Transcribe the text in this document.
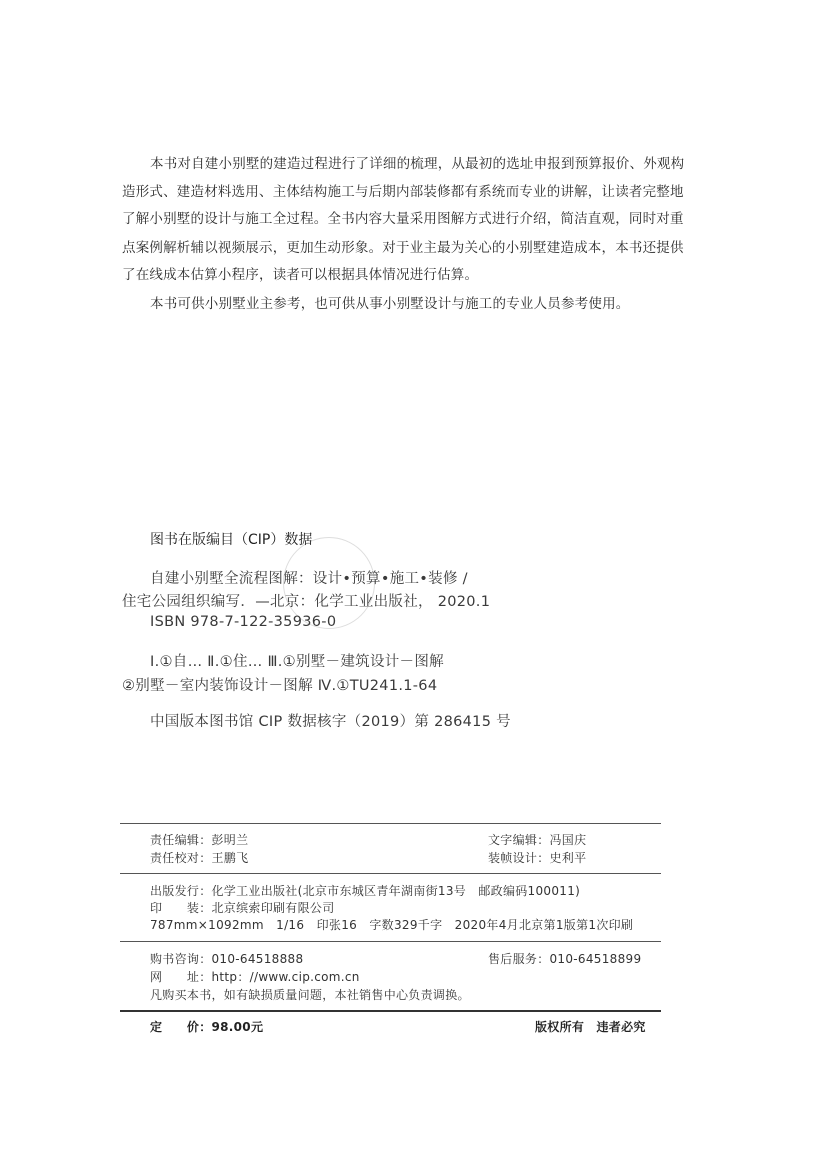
本书对自建小别墅的建造过程进行了详细的梳理，从最初的选址申报到预算报价、外观构

造形式、建造材料选用、主体结构施工与后期内部装修都有系统而专业的讲解，让读者完整地

了解小别墅的设计与施工全过程。全书内容大量采用图解方式进行介绍，简洁直观，同时对重

点案例解析辅以视频展示，更加生动形象。对于业主最为关心的小别墅建造成本，本书还提供

了在线成本估算小程序，读者可以根据具体情况进行估算。

本书可供小别墅业主参考，也可供从事小别墅设计与施工的专业人员参考使用。

图书在版编目（CIP）数据
自建小别墅全流程图解：设计•预算•施工•装修 /
住宅公园组织编写．—北京：化学工业出版社， 2020.1
ISBN 978-7-122-35936-0
Ⅰ.①自… Ⅱ.①住… Ⅲ.①别墅－建筑设计－图解
②别墅－室内装饰设计－图解 Ⅳ.①TU241.1-64
中国版本图书馆 CIP 数据核字（2019）第 286415 号
责任编辑：彭明兰	文字编辑：冯国庆
责任校对：王鹏飞	装帧设计：史利平
出版发行：化学工业出版社(北京市东城区青年湖南街13号　邮政编码100011)
印　　装：北京缤索印刷有限公司
787mm×1092mm　1/16　印张16　字数329千字　2020年4月北京第1版第1次印刷
购书咨询：010-64518888	售后服务：010-64518899
网　　址：http：//www.cip.com.cn
凡购买本书，如有缺损质量问题，本社销售中心负责调换。
定　　价：98.00元	版权所有　违者必究
